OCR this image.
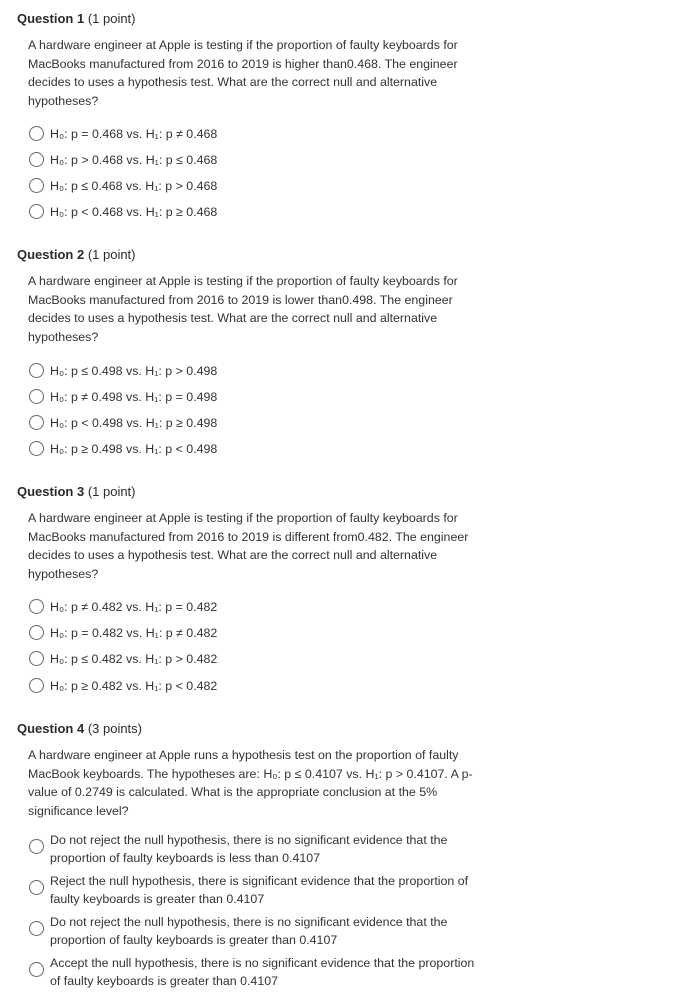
Question 1 (1 point)
A hardware engineer at Apple is testing if the proportion of faulty keyboards for
MacBooks manufactured from 2016 to 2019 is higher than0.468. The engineer
decides to uses a hypothesis test. What are the correct null and alternative
hypotheses?
H₀: p = 0.468 vs. H₁: p ≠ 0.468
H₀: p > 0.468 vs. H₁: p ≤ 0.468
H₀: p ≤ 0.468 vs. H₁: p > 0.468
H₀: p < 0.468 vs. H₁: p ≥ 0.468
Question 2 (1 point)
A hardware engineer at Apple is testing if the proportion of faulty keyboards for
MacBooks manufactured from 2016 to 2019 is lower than0.498. The engineer
decides to uses a hypothesis test. What are the correct null and alternative
hypotheses?
H₀: p ≤ 0.498 vs. H₁: p > 0.498
H₀: p ≠ 0.498 vs. H₁: p = 0.498
H₀: p < 0.498 vs. H₁: p ≥ 0.498
H₀: p ≥ 0.498 vs. H₁: p < 0.498
Question 3 (1 point)
A hardware engineer at Apple is testing if the proportion of faulty keyboards for
MacBooks manufactured from 2016 to 2019 is different from0.482. The engineer
decides to uses a hypothesis test. What are the correct null and alternative
hypotheses?
H₀: p ≠ 0.482 vs. H₁: p = 0.482
H₀: p = 0.482 vs. H₁: p ≠ 0.482
H₀: p ≤ 0.482 vs. H₁: p > 0.482
H₀: p ≥ 0.482 vs. H₁: p < 0.482
Question 4 (3 points)
A hardware engineer at Apple runs a hypothesis test on the proportion of faulty
MacBook keyboards. The hypotheses are: H₀: p ≤ 0.4107 vs. H₁: p > 0.4107. A p-
value of 0.2749 is calculated. What is the appropriate conclusion at the 5%
significance level?
Do not reject the null hypothesis, there is no significant evidence that the
proportion of faulty keyboards is less than 0.4107
Reject the null hypothesis, there is significant evidence that the proportion of
faulty keyboards is greater than 0.4107
Do not reject the null hypothesis, there is no significant evidence that the
proportion of faulty keyboards is greater than 0.4107
Accept the null hypothesis, there is no significant evidence that the proportion
of faulty keyboards is greater than 0.4107
